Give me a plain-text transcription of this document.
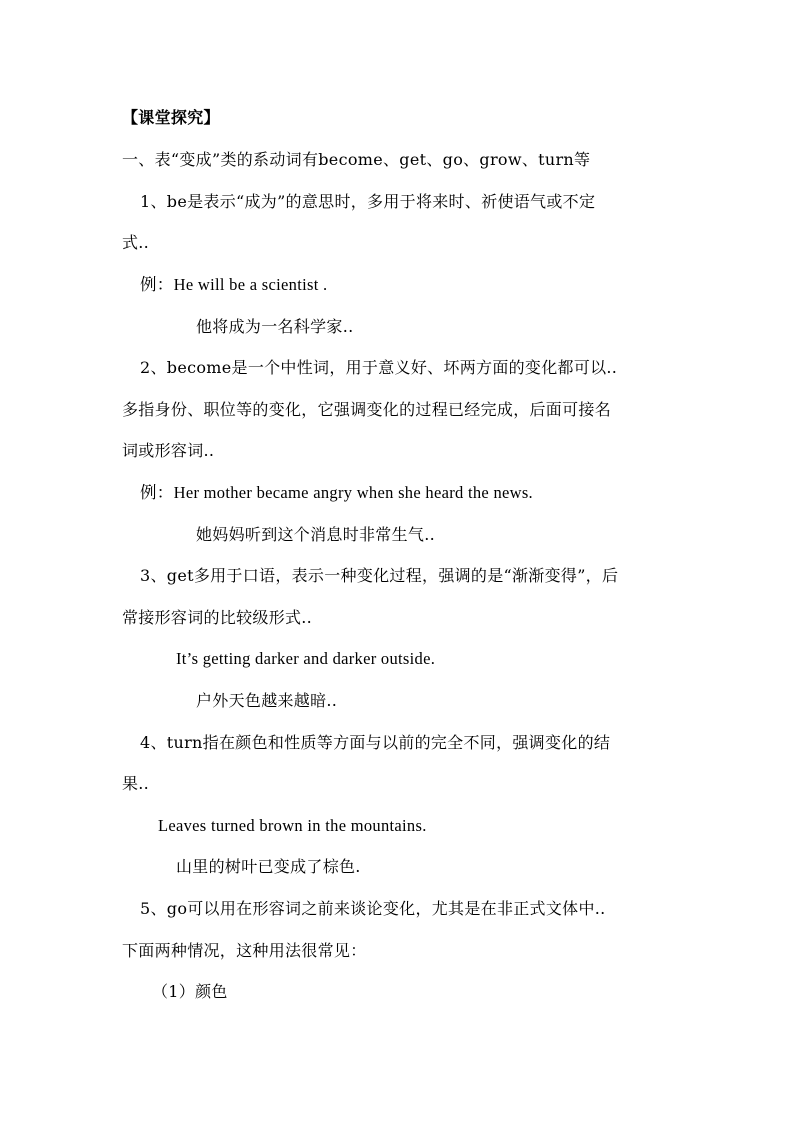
【课堂探究】
一、表“变成”类的系动词有become、get、go、grow、turn等
1、be是表示“成为”的意思时，多用于将来时、祈使语气或不定
式..
例：He will be a scientist .
他将成为一名科学家..
2、become是一个中性词，用于意义好、坏两方面的变化都可以..
多指身份、职位等的变化，它强调变化的过程已经完成，后面可接名
词或形容词..
例：Her mother became angry when she heard the news.
她妈妈听到这个消息时非常生气..
3、get多用于口语，表示一种变化过程，强调的是“渐渐变得”，后
常接形容词的比较级形式..
It’s getting darker and darker outside.
户外天色越来越暗..
4、turn指在颜色和性质等方面与以前的完全不同，强调变化的结
果..
Leaves turned brown in the mountains.
山里的树叶已变成了棕色.
5、go可以用在形容词之前来谈论变化，尤其是在非正式文体中..
下面两种情况，这种用法很常见：
（1）颜色
